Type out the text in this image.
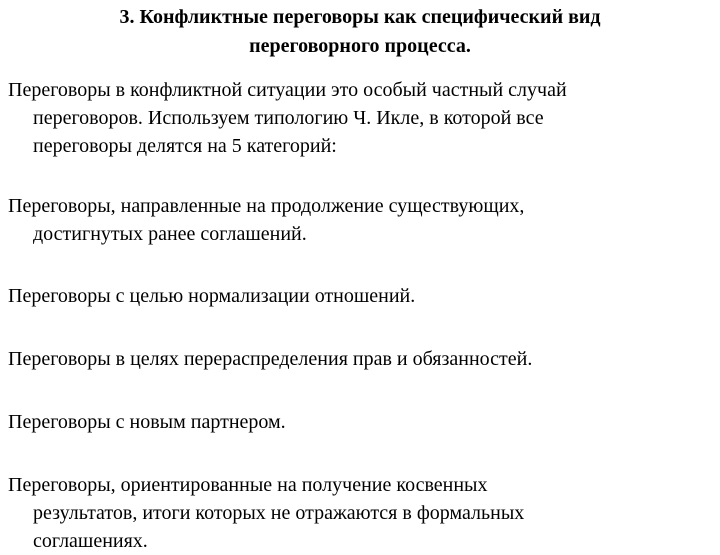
3. Конфликтные переговоры как специфический вид
переговорного процесса.

Переговоры в конфликтной ситуации это особый частный случай
переговоров. Используем типологию Ч. Икле, в которой все
переговоры делятся на 5 категорий:

Переговоры, направленные на продолжение существующих,
достигнутых ранее соглашений.

Переговоры с целью нормализации отношений.

Переговоры в целях перераспределения прав и обязанностей.

Переговоры с новым партнером.

Переговоры, ориентированные на получение косвенных
результатов, итоги которых не отражаются в формальных
соглашениях.
